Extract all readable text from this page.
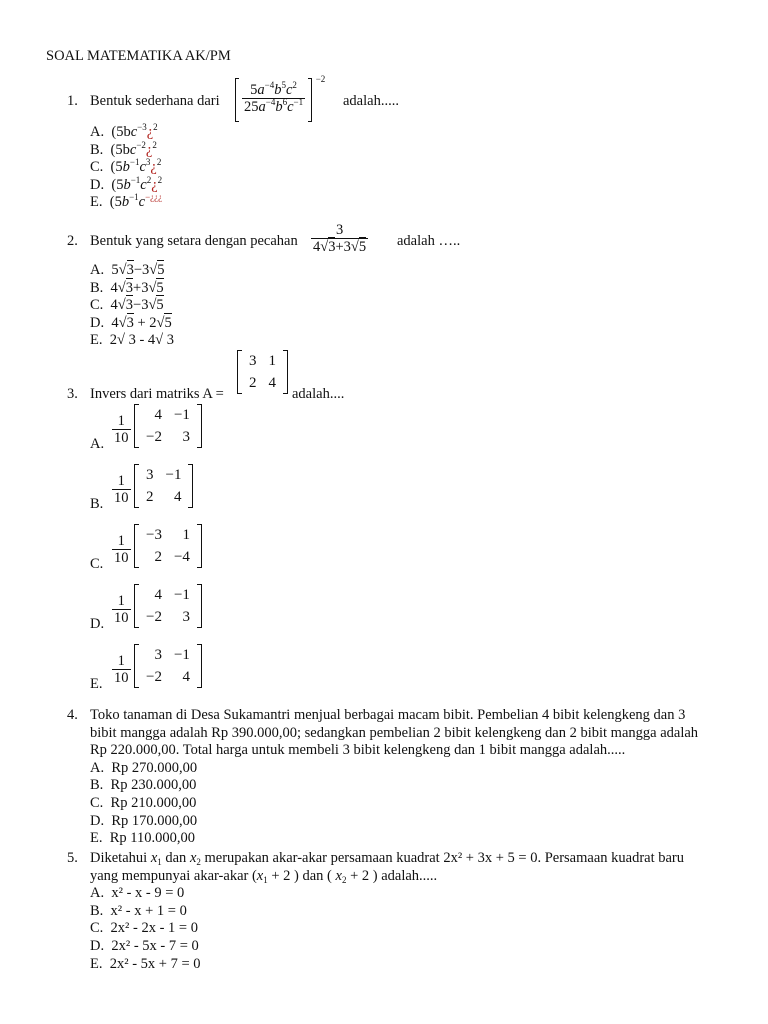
SOAL MATEMATIKA AK/PM
1. Bentuk sederhana dari $\frac{5a^{-4}b^5c^2}{25a^{-4}b^6c^{-1}}$
$^{-2}$
adalah.....
A. ($5bc^{-3}¿^2$
B. ($5bc^{-2}¿^2$
C. ($5b^{-1}c^3¿^2$
D. ($5b^{-1}c^2¿^2$
E. ($5b^{-1}c^{-¿¿¿}$
2. Bentuk yang setara dengan pecahan $\frac{3}{4√3+3√5}$ adalah …..
A. 5√3−3√5
B. 4√3+3√5
C. 4√3−3√5
D. 4√3 + 2√5
E. 2√ 3 - 4√ 3
3. Invers dari matriks A =
3	1
2	4
adalah....
A. $\frac{1}{10} 4$	−1
−2	3
B. $\frac{1}{10} 3$	−1
2	4
C. $\frac{1}{10} -3$	1
2	−4
D. $\frac{1}{10} 4$	−1
−2	3
E. $\frac{1}{10} 3$	−1
−2	4
4. Toko tanaman di Desa Sukamantri menjual berbagai macam bibit. Pembelian 4 bibit kelengkeng dan 3
bibit mangga adalah Rp 390.000,00; sedangkan pembelian 2 bibit kelengkeng dan 2 bibit mangga adalah
Rp 220.000,00. Total harga untuk membeli 3 bibit kelengkeng dan 1 bibit mangga adalah.....
A. Rp 270.000,00
B. Rp 230.000,00
C. Rp 210.000,00
D. Rp 170.000,00
E. Rp 110.000,00
5. Diketahui $x_1$ dan $x_2$ merupakan akar-akar persamaan kuadrat 2x² + 3x + 5 = 0. Persamaan kuadrat baru
yang mempunyai akar-akar ($x_1 + 2$ ) dan ( $x_2 + 2$ ) adalah.....
A. x² - x - 9 = 0
B. x² - x + 1 = 0
C. 2x² - 2x - 1 = 0
D. 2x² - 5x - 7 = 0
E. 2x² - 5x + 7 = 0
